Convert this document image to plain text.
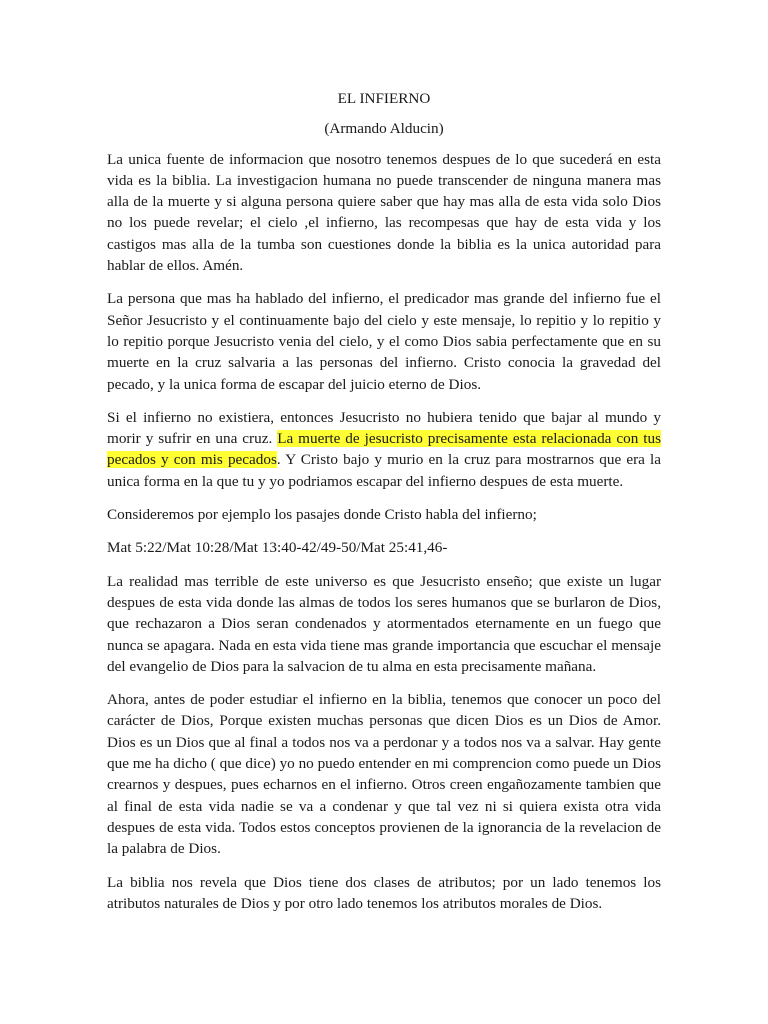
EL INFIERNO

(Armando Alducin)

La unica fuente de informacion que nosotro tenemos despues de lo que sucederá en esta vida es la biblia. La investigacion humana no puede transcender de ninguna manera mas alla de la muerte y si alguna persona quiere saber que hay mas alla de esta vida solo Dios no los puede revelar; el cielo ,el infierno, las recompesas que hay de esta vida y los castigos mas alla de la tumba son cuestiones donde la biblia es la unica autoridad para hablar de ellos. Amén.

La persona que mas ha hablado del infierno, el predicador mas grande del infierno fue el Señor Jesucristo y el continuamente bajo del cielo y este mensaje, lo repitio y lo repitio y lo repitio porque Jesucristo venia del cielo, y el como Dios sabia perfectamente que en su muerte en la cruz salvaria a las personas del infierno. Cristo conocia la gravedad del pecado, y la unica forma de escapar del juicio eterno de Dios.

Si el infierno no existiera, entonces Jesucristo no hubiera tenido que bajar al mundo y morir y sufrir en una cruz. La muerte de jesucristo precisamente esta relacionada con tus pecados y con mis pecados. Y Cristo bajo y murio en la cruz para mostrarnos que era la unica forma en la que tu y yo podriamos escapar del infierno despues de esta muerte.

Consideremos por ejemplo los pasajes donde Cristo habla del infierno;

Mat 5:22/Mat 10:28/Mat 13:40-42/49-50/Mat 25:41,46-

La realidad mas terrible de este universo es que Jesucristo enseño; que existe un lugar despues de esta vida donde las almas de todos los seres humanos que se burlaron de Dios, que rechazaron a Dios seran condenados y atormentados eternamente en un fuego que nunca se apagara. Nada en esta vida tiene mas grande importancia que escuchar el mensaje del evangelio de Dios para la salvacion de tu alma en esta precisamente mañana.

Ahora, antes de poder estudiar el infierno en la biblia, tenemos que conocer un poco del carácter de Dios, Porque existen muchas personas que dicen Dios es un Dios de Amor. Dios es un Dios que al final a todos nos va a perdonar y a todos nos va a salvar. Hay gente que me ha dicho ( que dice) yo no puedo entender en mi comprencion como puede un Dios crearnos y despues, pues echarnos en el infierno. Otros creen engañozamente tambien que al final de esta vida nadie se va a condenar y que tal vez ni si quiera exista otra vida despues de esta vida. Todos estos conceptos provienen de la ignorancia de la revelacion de la palabra de Dios.

La biblia nos revela que Dios tiene dos clases de atributos; por un lado tenemos los atributos naturales de Dios y por otro lado tenemos los atributos morales de Dios.
